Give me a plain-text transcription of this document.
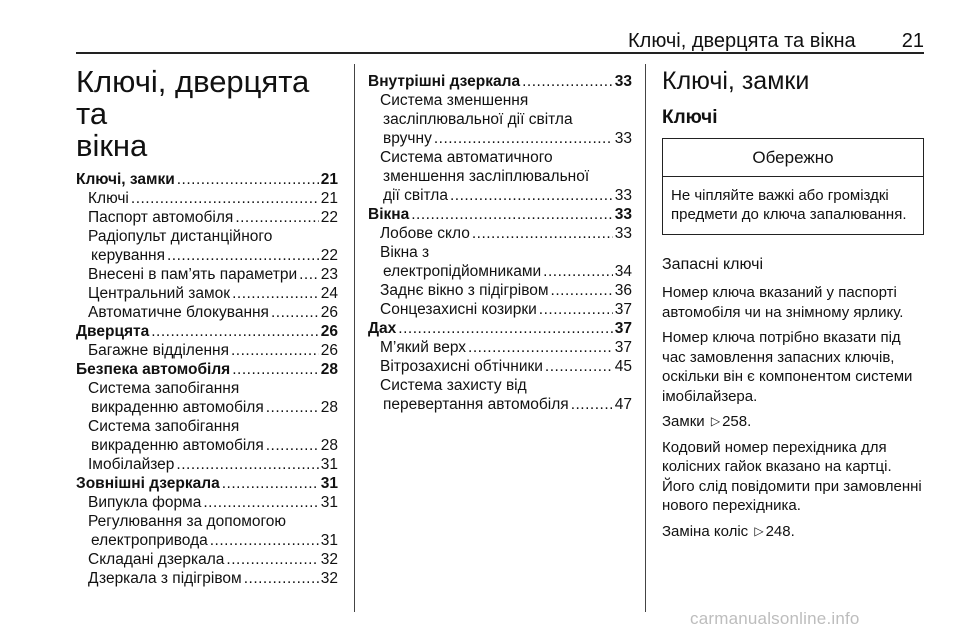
Ключі, дверцята та вікна 21
Ключі, дверцята та
вікна
Ключі, замки .....	21
Ключі .....	21
Паспорт автомобіля .....	22
Радіопульт дистанційного
керування .....	22
Внесені в пам’ять параметри ..... 23
Центральний замок .....	24
Автоматичне блокування .....	26
Дверцята .....	26
Багажне відділення .....	26
Безпека автомобіля .....	28
Система запобігання
викраденню автомобіля .....	28
Система запобігання
викраденню автомобіля .....	28
Імобілайзер .....	31
Зовнішні дзеркала .....	31
Випукла форма .....	31
Регулювання за допомогою
електропривода .....	31
Складані дзеркала .....	32
Дзеркала з підігрівом .....	32
Внутрішні дзеркала .....	33
Система зменшення
засліплювальної дії світла
вручну .....	33
Система автоматичного
зменшення засліплювальної
дії світла .....	33
Вікна .....	33
Лобове скло .....	33
Вікна з
електропідйомниками .....	34
Заднє вікно з підігрівом .....	36
Сонцезахисні козирки .....	37
Дах .....	37
М’який верх .....	37
Вітрозахисні обтічники .....	45
Система захисту від
перевертання автомобіля .....	47
Ключі, замки
Ключі
Обережно
Не чіпляйте важкі або громіздкі предмети до ключа запалювання.
Запасні ключі

Номер ключа вказаний у паспорті автомобіля чи на знімному ярлику.

Номер ключа потрібно вказати під час замовлення запасних ключів, оскільки він є компонентом системи імобілайзера.

Замки ▷ 258.

Кодовий номер перехідника для колісних гайок вказано на картці. Його слід повідомити при замовленні нового перехідника.

Заміна коліс ▷ 248.

carmanualsonline.info
